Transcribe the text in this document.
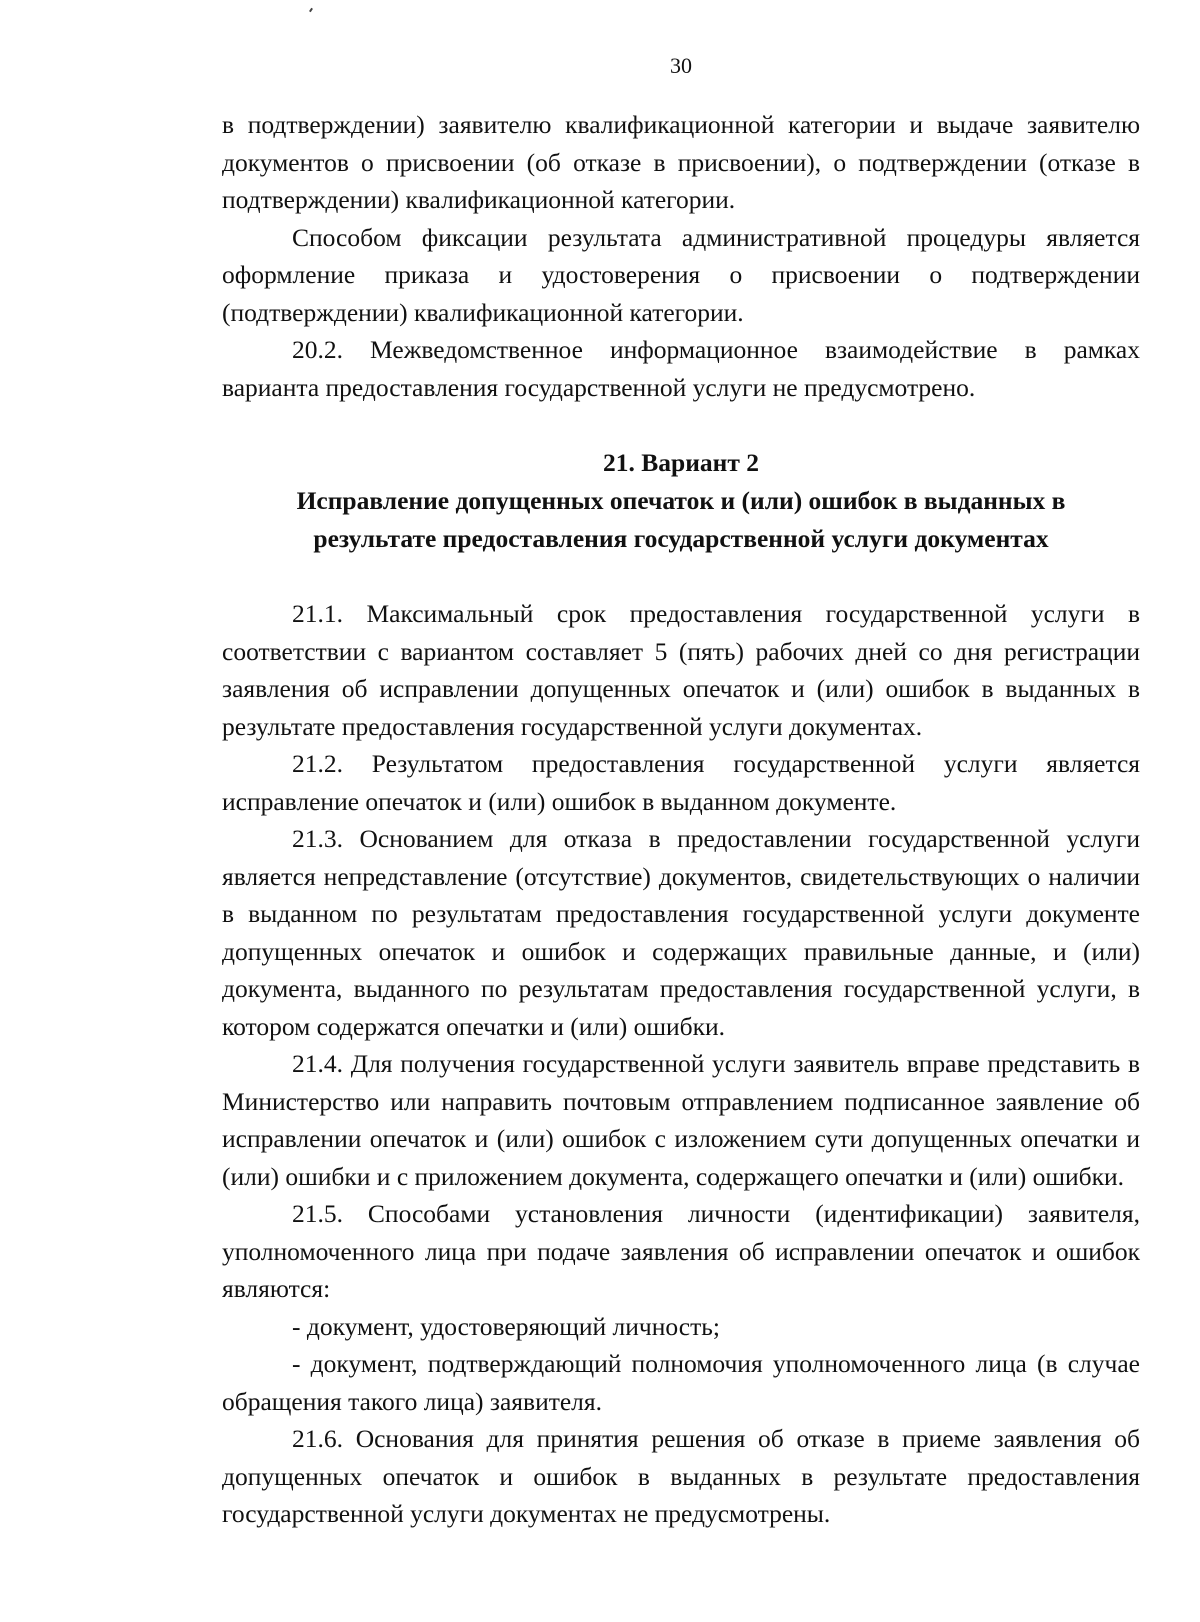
30

в подтверждении) заявителю квалификационной категории и выдаче заявителю документов о присвоении (об отказе в присвоении), о подтверждении (отказе в подтверждении) квалификационной категории.

Способом фиксации результата административной процедуры является оформление приказа и удостоверения о присвоении о подтверждении (подтверждении) квалификационной категории.

20.2. Межведомственное информационное взаимодействие в рамках варианта предоставления государственной услуги не предусмотрено.

21. Вариант 2
Исправление допущенных опечаток и (или) ошибок в выданных в
результате предоставления государственной услуги документах

21.1. Максимальный срок предоставления государственной услуги в соответствии с вариантом составляет 5 (пять) рабочих дней со дня регистрации заявления об исправлении допущенных опечаток и (или) ошибок в выданных в результате предоставления государственной услуги документах.

21.2. Результатом предоставления государственной услуги является исправление опечаток и (или) ошибок в выданном документе.

21.3. Основанием для отказа в предоставлении государственной услуги является непредставление (отсутствие) документов, свидетельствующих о наличии в выданном по результатам предоставления государственной услуги документе допущенных опечаток и ошибок и содержащих правильные данные, и (или) документа, выданного по результатам предоставления государственной услуги, в котором содержатся опечатки и (или) ошибки.

21.4. Для получения государственной услуги заявитель вправе представить в Министерство или направить почтовым отправлением подписанное заявление об исправлении опечаток и (или) ошибок с изложением сути допущенных опечатки и (или) ошибки и с приложением документа, содержащего опечатки и (или) ошибки.

21.5. Способами установления личности (идентификации) заявителя, уполномоченного лица при подаче заявления об исправлении опечаток и ошибок являются:

- документ, удостоверяющий личность;

- документ, подтверждающий полномочия уполномоченного лица (в случае обращения такого лица) заявителя.

21.6. Основания для принятия решения об отказе в приеме заявления об допущенных опечаток и ошибок в выданных в результате предоставления государственной услуги документах не предусмотрены.
